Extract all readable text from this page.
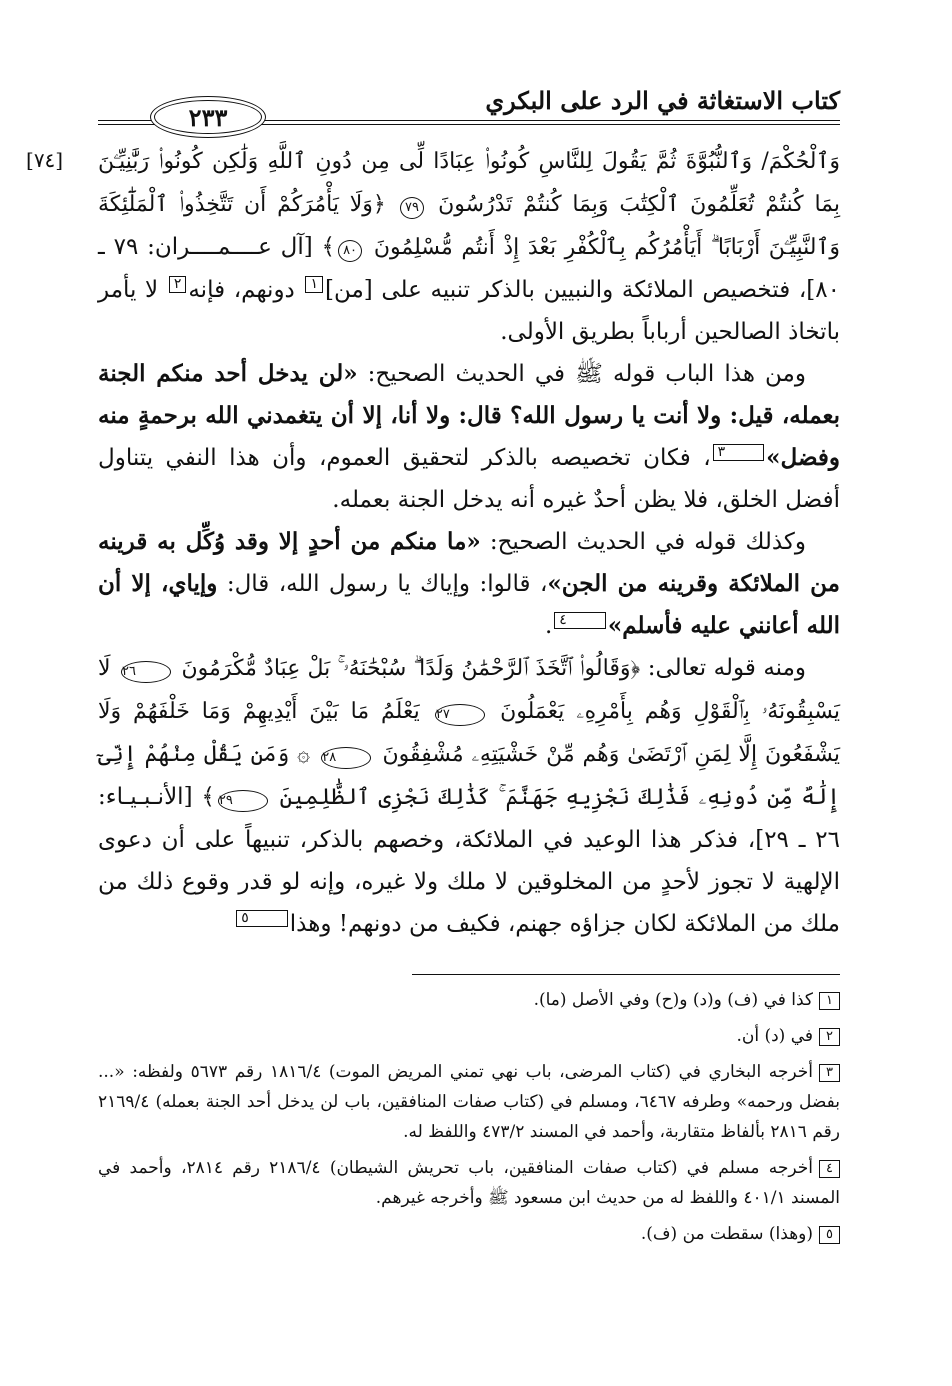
كتاب الاستغاثة في الرد على البكري
٢٣٣
[٧٤] وَٱلْحُكْمَ/ وَٱلنُّبُوَّةَ ثُمَّ يَقُولَ لِلنَّاسِ كُونُوا۟ عِبَادًا لِّى مِن دُونِ ٱللَّهِ وَلَٰكِن كُونُوا۟ رَبَّٰنِيِّـۧنَ بِمَا كُنتُمْ تُعَلِّمُونَ ٱلْكِتَٰبَ وَبِمَا كُنتُمْ تَدْرُسُونَ ٧٩ ﴿وَلَا يَأْمُرَكُمْ أَن تَتَّخِذُوا۟ ٱلْمَلَٰٓئِكَةَ وَٱلنَّبِيِّـۧنَ أَرْبَابًا ۗ أَيَأْمُرُكُم بِٱلْكُفْرِ بَعْدَ إِذْ أَنتُم مُّسْلِمُونَ ٨٠﴾ [آل عــــمــــران: ٧٩ ـ ٨٠]، فتخصيص الملائكة والنبيين بالذكر تنبيه على [من]١ دونهم، فإنه٢ لا يأمر باتخاذ الصالحين أرباباً بطريق الأولى.

ومن هذا الباب قوله ﷺ في الحديث الصحيح: «لن يدخل أحد منكم الجنة بعمله، قيل: ولا أنت يا رسول الله؟ قال: ولا أنا، إلا أن يتغمدني الله برحمةٍ منه وفضل»٣، فكان تخصيصه بالذكر لتحقيق العموم، وأن هذا النفي يتناول أفضل الخلق، فلا يظن أحدٌ غيره أنه يدخل الجنة بعمله.

وكذلك قوله في الحديث الصحيح: «ما منكم من أحدٍ إلا وقد وُكِّل به قرينه من الملائكة وقرينه من الجن»، قالوا: وإياك يا رسول الله، قال: وإياي، إلا أن الله أعانني عليه فأسلم»٤.

ومنه قوله تعالى: ﴿وَقَالُوا۟ ٱتَّخَذَ ٱلرَّحْمَٰنُ وَلَدًا ۗ سُبْحَٰنَهُۥ ۚ بَلْ عِبَادٌ مُّكْرَمُونَ ٢٦ لَا يَسْبِقُونَهُۥ بِٱلْقَوْلِ وَهُم بِأَمْرِهِۦ يَعْمَلُونَ ٢٧ يَعْلَمُ مَا بَيْنَ أَيْدِيهِمْ وَمَا خَلْفَهُمْ وَلَا يَشْفَعُونَ إِلَّا لِمَنِ ٱرْتَضَىٰ وَهُم مِّنْ خَشْيَتِهِۦ مُشْفِقُونَ ٢٨ ۞ وَمَن يَقُلْ مِنْهُمْ إِنِّىٓ إِلَٰهٌ مِّن دُونِهِۦ فَذَٰلِكَ نَجْزِيهِ جَهَنَّمَ ۚ كَذَٰلِكَ نَجْزِى ٱلظَّٰلِمِينَ ٢٩﴾ [الأنـبـيـاء: ٢٦ ـ ٢٩]، فذكر هذا الوعيد في الملائكة، وخصهم بالذكر، تنبيهاً على أن دعوى الإلهية لا تجوز لأحدٍ من المخلوقين لا ملك ولا غيره، وإنه لو قدر وقوع ذلك من ملك من الملائكة لكان جزاؤه جهنم، فكيف من دونهم! وهذا٥

١كذا في (ف) و(د) و(ح) وفي الأصل (ما).
٢في (د) أن.
٣أخرجه البخاري في (كتاب المرضى، باب نهي تمني المريض الموت) ١٨١٦/٤ رقم ٥٦٧٣ ولفظه: «... بفضل ورحمه» وطرفه ٦٤٦٧، ومسلم في (كتاب صفات المنافقين، باب لن يدخل أحد الجنة بعمله) ٢١٦٩/٤ رقم ٢٨١٦ بألفاظ متقاربة، وأحمد في المسند ٤٧٣/٢ واللفظ له.
٤أخرجه مسلم في (كتاب صفات المنافقين، باب تحريش الشيطان) ٢١٨٦/٤ رقم ٢٨١٤، وأحمد في المسند ٤٠١/١ واللفظ له من حديث ابن مسعود ﷺ وأخرجه غيرهم.
٥(وهذا) سقطت من (ف).
